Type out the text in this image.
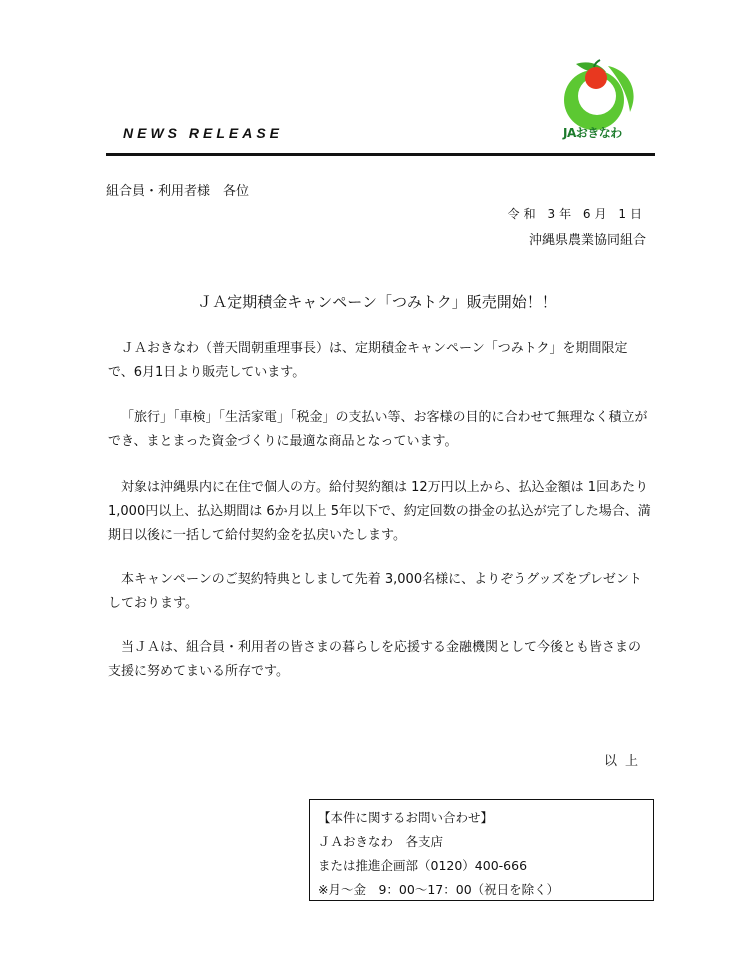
JAおきなわ
NEWS RELEASE
組合員・利用者様　各位
令和 3年 6月 1日
沖縄県農業協同組合
ＪＡ定期積金キャンペーン「つみトク」販売開始！！

ＪＡおきなわ（普天間朝重理事長）は、定期積金キャンペーン「つみトク」を期間限定で、6月1日より販売しています。

「旅行」「車検」「生活家電」「税金」の支払い等、お客様の目的に合わせて無理なく積立ができ、まとまった資金づくりに最適な商品となっています。

対象は沖縄県内に在住で個人の方。給付契約額は 12万円以上から、払込金額は 1回あたり 1,000円以上、払込期間は 6か月以上 5年以下で、約定回数の掛金の払込が完了した場合、満期日以後に一括して給付契約金を払戻いたします。

本キャンペーンのご契約特典としまして先着 3,000名様に、よりぞうグッズをプレゼントしております。

当ＪＡは、組合員・利用者の皆さまの暮らしを応援する金融機関として今後とも皆さまの支援に努めてまいる所存です。

以上
【本件に関するお問い合わせ】
ＪＡおきなわ　各支店
または推進企画部（0120）400-666
※月～金　9：00～17：00（祝日を除く）
